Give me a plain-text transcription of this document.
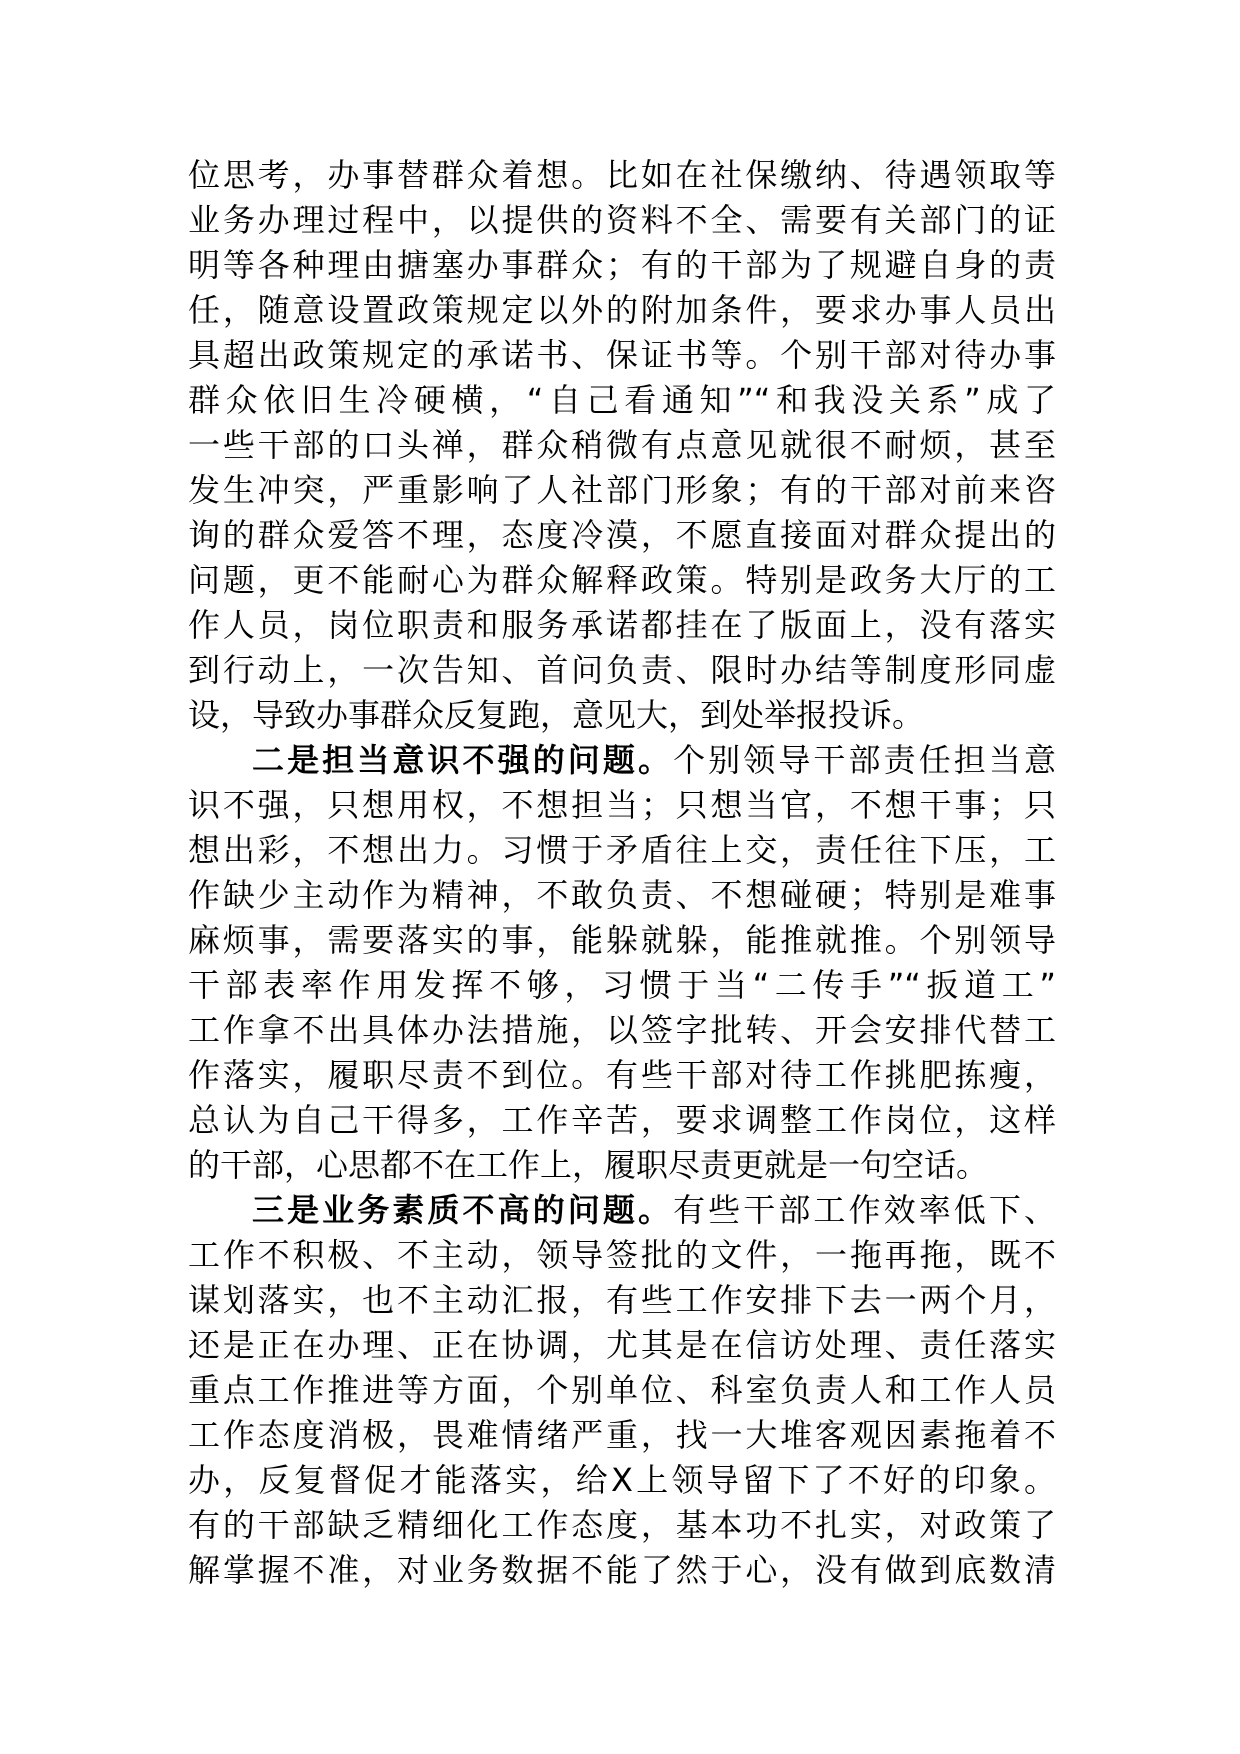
位思考，办事替群众着想。比如在社保缴纳、待遇领取等
业务办理过程中，以提供的资料不全、需要有关部门的证
明等各种理由搪塞办事群众；有的干部为了规避自身的责
任，随意设置政策规定以外的附加条件，要求办事人员出
具超出政策规定的承诺书、保证书等。个别干部对待办事
群众依旧生冷硬横，“自己看通知”“和我没关系”成了
一些干部的口头禅，群众稍微有点意见就很不耐烦，甚至
发生冲突，严重影响了人社部门形象；有的干部对前来咨
询的群众爱答不理，态度冷漠，不愿直接面对群众提出的
问题，更不能耐心为群众解释政策。特别是政务大厅的工
作人员，岗位职责和服务承诺都挂在了版面上，没有落实
到行动上，一次告知、首问负责、限时办结等制度形同虚
设，导致办事群众反复跑，意见大，到处举报投诉。
二是担当意识不强的问题。个别领导干部责任担当意
识不强，只想用权，不想担当；只想当官，不想干事；只
想出彩，不想出力。习惯于矛盾往上交，责任往下压，工
作缺少主动作为精神，不敢负责、不想碰硬；特别是难事
麻烦事，需要落实的事，能躲就躲，能推就推。个别领导
干部表率作用发挥不够，习惯于当“二传手”“扳道工”
工作拿不出具体办法措施，以签字批转、开会安排代替工
作落实，履职尽责不到位。有些干部对待工作挑肥拣瘦，
总认为自己干得多，工作辛苦，要求调整工作岗位，这样
的干部，心思都不在工作上，履职尽责更就是一句空话。
三是业务素质不高的问题。有些干部工作效率低下、
工作不积极、不主动，领导签批的文件，一拖再拖，既不
谋划落实，也不主动汇报，有些工作安排下去一两个月，
还是正在办理、正在协调，尤其是在信访处理、责任落实
重点工作推进等方面，个别单位、科室负责人和工作人员
工作态度消极，畏难情绪严重，找一大堆客观因素拖着不
办，反复督促才能落实，给X上领导留下了不好的印象。
有的干部缺乏精细化工作态度，基本功不扎实，对政策了
解掌握不准，对业务数据不能了然于心，没有做到底数清
